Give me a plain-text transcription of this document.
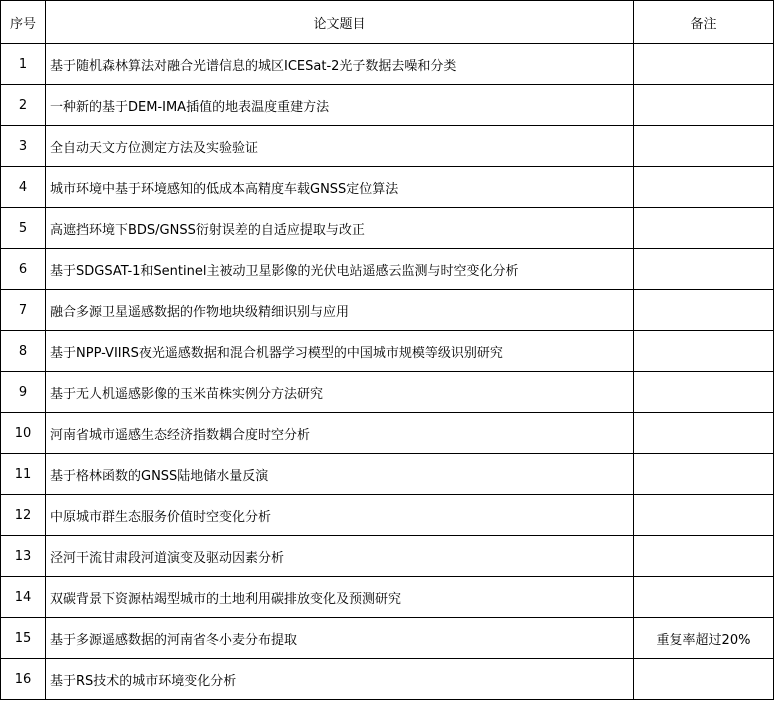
序号	论文题目	备注
1	基于随机森林算法对融合光谱信息的城区ICESat-2光子数据去噪和分类	
2	一种新的基于DEM-IMA插值的地表温度重建方法	
3	全自动天文方位测定方法及实验验证	
4	城市环境中基于环境感知的低成本高精度车载GNSS定位算法	
5	高遮挡环境下BDS/GNSS衍射误差的自适应提取与改正	
6	基于SDGSAT-1和Sentinel主被动卫星影像的光伏电站遥感云监测与时空变化分析	
7	融合多源卫星遥感数据的作物地块级精细识别与应用	
8	基于NPP-VIIRS夜光遥感数据和混合机器学习模型的中国城市规模等级识别研究	
9	基于无人机遥感影像的玉米苗株实例分方法研究	
10	河南省城市遥感生态经济指数耦合度时空分析	
11	基于格林函数的GNSS陆地储水量反演	
12	中原城市群生态服务价值时空变化分析	
13	泾河干流甘肃段河道演变及驱动因素分析	
14	双碳背景下资源枯竭型城市的土地利用碳排放变化及预测研究	
15	基于多源遥感数据的河南省冬小麦分布提取	重复率超过20%
16	基于RS技术的城市环境变化分析	
